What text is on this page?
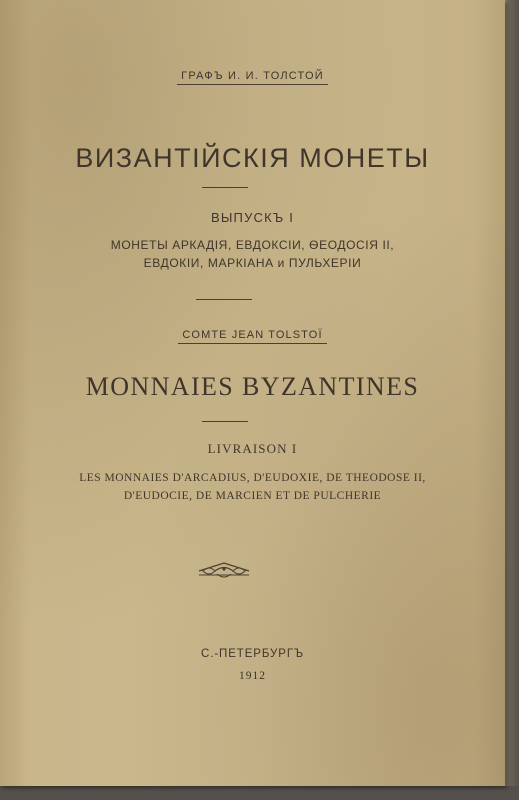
ГРАФЪ И. И. ТОЛСТОЙ
ВИЗАНТІЙСКІЯ МОНЕТЫ
ВЫПУСКЪ I
МОНЕТЫ АРКАДІЯ, ЕВДОКСІИ, ѲЕОДОСІЯ II,
ЕВДОКІИ, МАРКІАНА и ПУЛЬХЕРІИ
COMTE JEAN TOLSTOÏ
MONNAIES BYZANTINES
LIVRAISON I
LES MONNAIES D'ARCADIUS, D'EUDOXIE, DE THEODOSE II,
D'EUDOCIE, DE MARCIEN ET DE PULCHERIE
С.-ПЕТЕРБУРГЪ
1912
